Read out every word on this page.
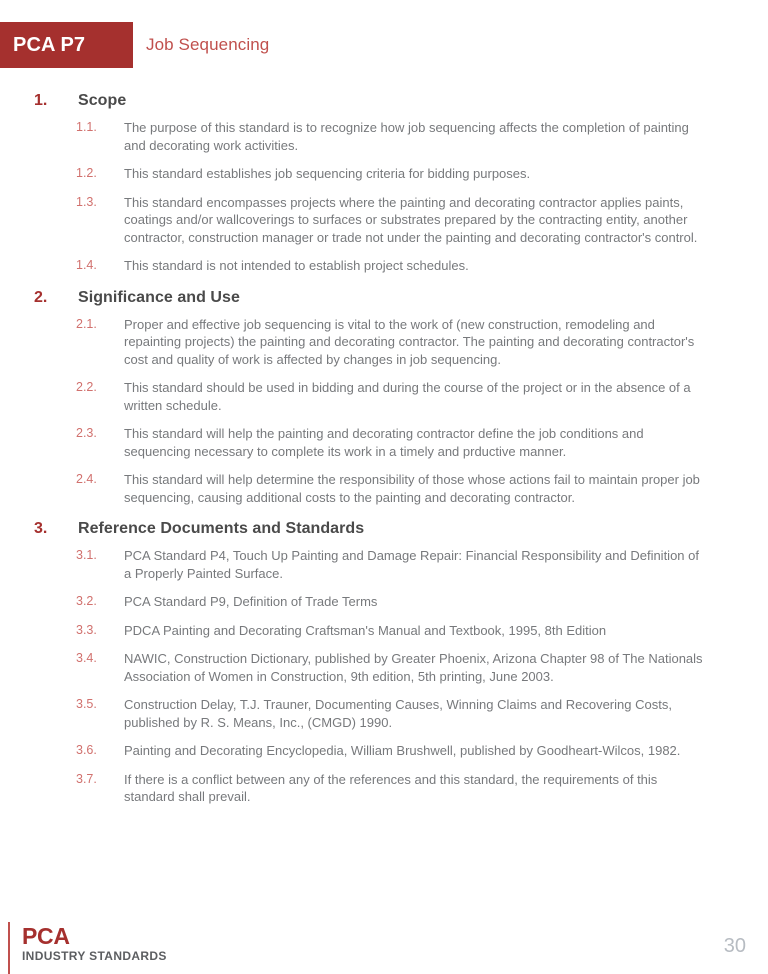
PCA P7	Job Sequencing
1.	Scope
1.1.	The purpose of this standard is to recognize how job sequencing affects the completion of painting and decorating work activities.
1.2.	This standard establishes job sequencing criteria for bidding purposes.
1.3.	This standard encompasses projects where the painting and decorating contractor applies paints, coatings and/or wallcoverings to surfaces or substrates prepared by the contracting entity, another contractor, construction manager or trade not under the painting and decorating contractor's control.
1.4.	This standard is not intended to establish project schedules.
2.	Significance and Use
2.1.	Proper and effective job sequencing is vital to the work of (new construction, remodeling and repainting projects) the painting and decorating contractor. The painting and decorating contractor's cost and quality of work is affected by changes in job sequencing.
2.2.	This standard should be used in bidding and during the course of the project or in the absence of a written schedule.
2.3.	This standard will help the painting and decorating contractor define the job conditions and sequencing necessary to complete its work in a timely and prductive manner.
2.4.	This standard will help determine the responsibility of those whose actions fail to maintain proper job sequencing, causing additional costs to the painting and decorating contractor.
3.	Reference Documents and Standards
3.1.	PCA Standard P4, Touch Up Painting and Damage Repair: Financial Responsibility and Definition of a Properly Painted Surface.
3.2.	PCA Standard P9, Definition of Trade Terms
3.3.	PDCA Painting and Decorating Craftsman's Manual and Textbook, 1995, 8th Edition
3.4.	NAWIC, Construction Dictionary, published by Greater Phoenix, Arizona Chapter 98 of The Nationals Association of Women in Construction, 9th edition, 5th printing, June 2003.
3.5.	Construction Delay, T.J. Trauner, Documenting Causes, Winning Claims and Recovering Costs, published by R. S. Means, Inc., (CMGD) 1990.
3.6.	Painting and Decorating Encyclopedia, William Brushwell, published by Goodheart-Wilcos, 1982.
3.7.	If there is a conflict between any of the references and this standard, the requirements of this standard shall prevail.
PCA
INDUSTRY STANDARDS	30
